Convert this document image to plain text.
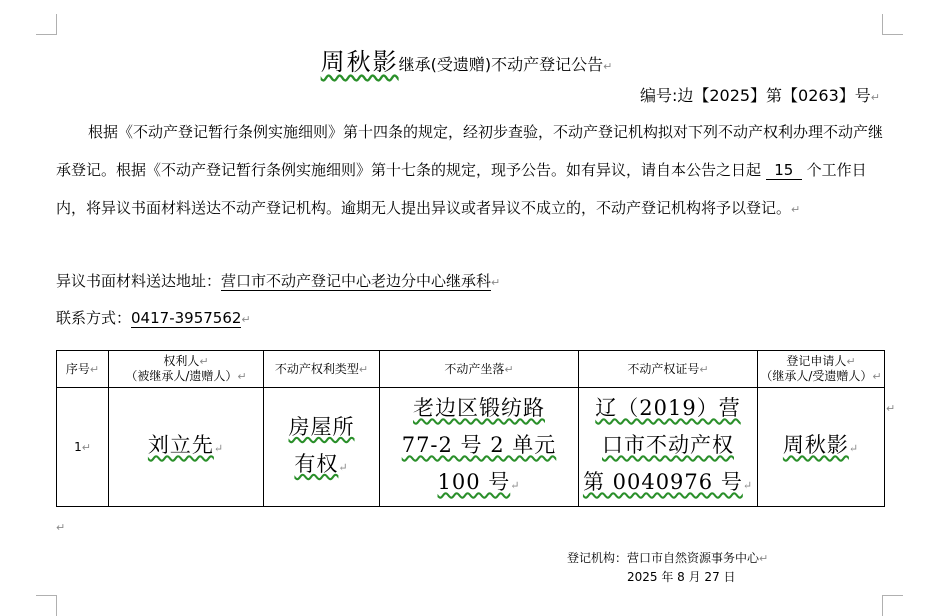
周秋影继承(受遗赠)不动产登记公告↵
编号:边【2025】第【0263】号↵

根据《不动产登记暂行条例实施细则》第十四条的规定，经初步查验，不动产登记机构拟对下列不动产权利办理不动产继承登记。根据《不动产登记暂行条例实施细则》第十七条的规定，现予公告。如有异议，请自本公告之日起 15 个工作日内，将异议书面材料送达不动产登记机构。逾期无人提出异议或者异议不成立的，不动产登记机构将予以登记。↵

异议书面材料送达地址：营口市不动产登记中心老边分中心继承科↵
联系方式：0417-3957562↵
序号↵	权利人↵
（被继承人/遗赠人）↵	不动产权利类型↵	不动产坐落↵	不动产权证号↵	登记申请人↵
（继承人/受遗赠人）↵
1↵	刘立先↵	房屋所
有权↵	老边区锻纺路
77-2 号 2 单元
100 号↵	辽（2019）营
口市不动产权
第 0040976 号↵	周秋影↵
↵
↵
登记机构：营口市自然资源事务中心↵
2025 年 8 月 27 日
